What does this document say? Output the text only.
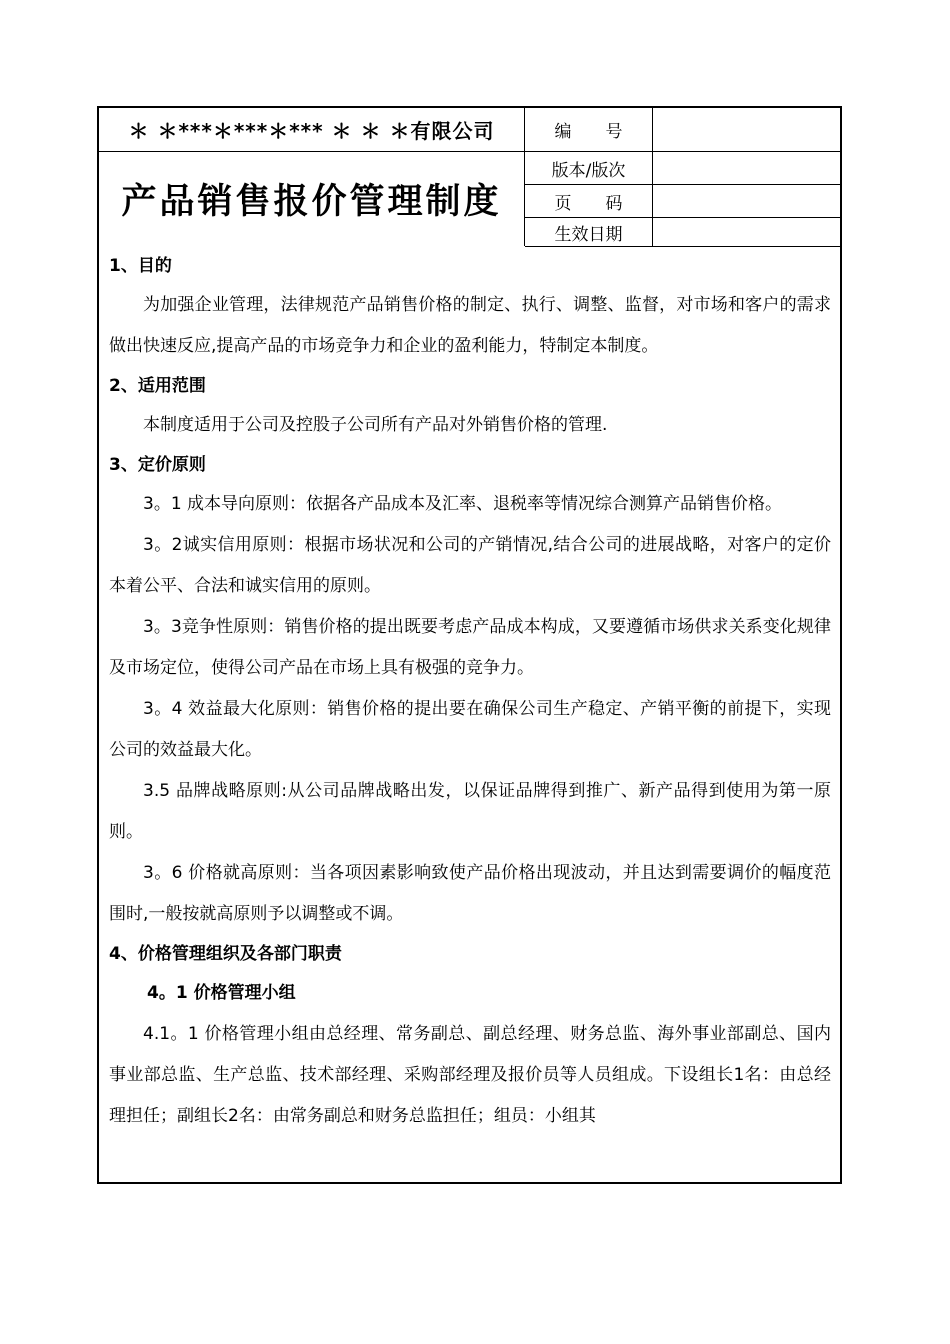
＊ ＊***＊***＊*** ＊ ＊ ＊有限公司
产品销售报价管理制度
编　　号
版本/版次
页　　码
生效日期

1、目的

为加强企业管理，法律规范产品销售价格的制定、执行、调整、监督，对市场和客户的需求做出快速反应,提高产品的市场竞争力和企业的盈利能力，特制定本制度。

2、适用范围

本制度适用于公司及控股子公司所有产品对外销售价格的管理.

3、定价原则

3。1 成本导向原则：依据各产品成本及汇率、退税率等情况综合测算产品销售价格。

3。2诚实信用原则：根据市场状况和公司的产销情况,结合公司的进展战略，对客户的定价本着公平、合法和诚实信用的原则。

3。3竞争性原则：销售价格的提出既要考虑产品成本构成，又要遵循市场供求关系变化规律及市场定位，使得公司产品在市场上具有极强的竞争力。

3。4 效益最大化原则：销售价格的提出要在确保公司生产稳定、产销平衡的前提下，实现公司的效益最大化。

3.5 品牌战略原则:从公司品牌战略出发，以保证品牌得到推广、新产品得到使用为第一原则。

3。6 价格就高原则：当各项因素影响致使产品价格出现波动，并且达到需要调价的幅度范围时,一般按就高原则予以调整或不调。

4、价格管理组织及各部门职责

4。1 价格管理小组

4.1。1 价格管理小组由总经理、常务副总、副总经理、财务总监、海外事业部副总、国内事业部总监、生产总监、技术部经理、采购部经理及报价员等人员组成。下设组长1名：由总经理担任；副组长2名：由常务副总和财务总监担任；组员：小组其
